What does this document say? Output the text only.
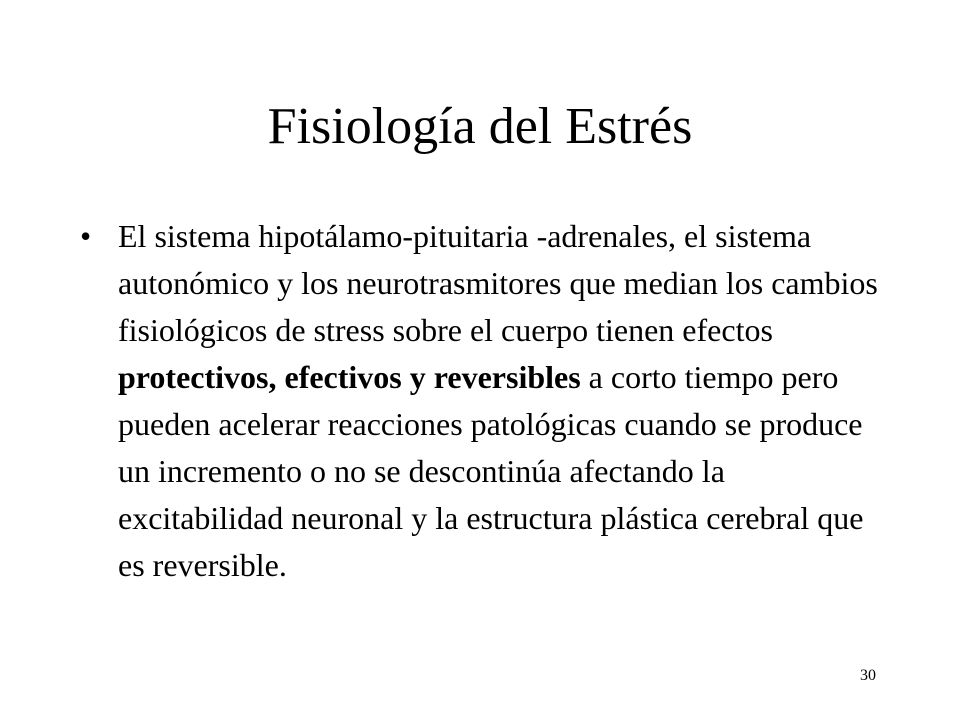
Fisiología del Estrés
• El sistema hipotálamo-pituitaria -adrenales, el sistema autonómico y los neurotrasmitores que median los cambios fisiológicos de stress sobre el cuerpo tienen efectos protectivos, efectivos y reversibles a corto tiempo pero pueden acelerar reacciones patológicas cuando se produce un incremento o no se descontinúa afectando la excitabilidad neuronal y la estructura plástica cerebral que es reversible.
30
